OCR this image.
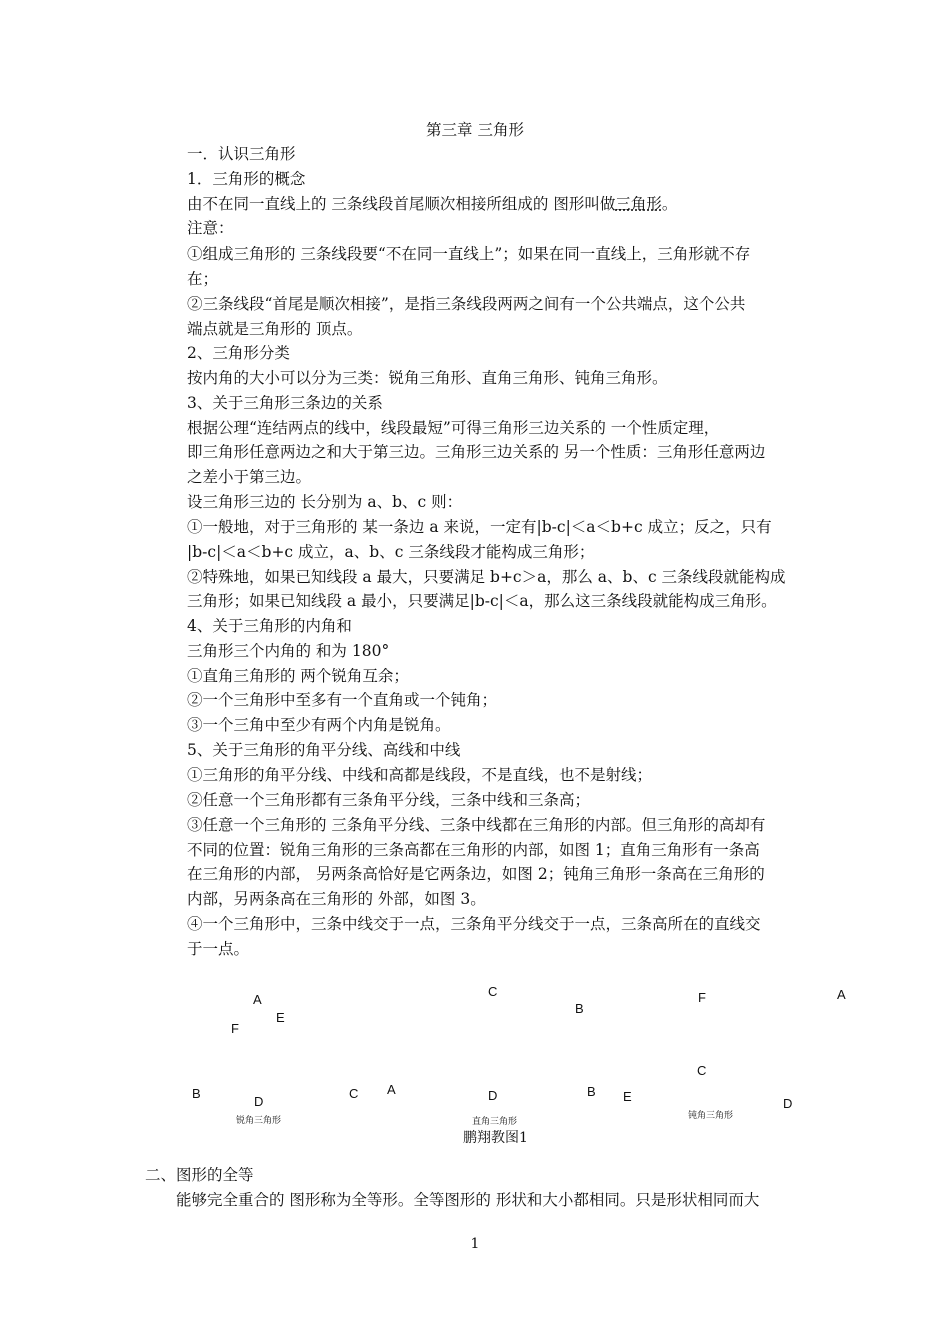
第三章 三角形
一．认识三角形
1．三角形的概念
由不在同一直线上的 三条线段首尾顺次相接所组成的 图形叫做三角形。
注意：
①组成三角形的 三条线段要“不在同一直线上”；如果在同一直线上，三角形就不存
在；
②三条线段“首尾是顺次相接”，是指三条线段两两之间有一个公共端点，这个公共
端点就是三角形的 顶点。
2、三角形分类
按内角的大小可以分为三类：锐角三角形、直角三角形、钝角三角形。
3、关于三角形三条边的关系
根据公理“连结两点的线中，线段最短”可得三角形三边关系的 一个性质定理，
即三角形任意两边之和大于第三边。三角形三边关系的 另一个性质：三角形任意两边
之差小于第三边。
设三角形三边的 长分别为 a、b、c 则：
①一般地，对于三角形的 某一条边 a 来说，一定有|b-c|＜a＜b+c 成立；反之，只有
|b-c|＜a＜b+c 成立，a、b、c 三条线段才能构成三角形；
②特殊地，如果已知线段 a 最大，只要满足 b+c＞a，那么 a、b、c 三条线段就能构成
三角形；如果已知线段 a 最小，只要满足|b-c|＜a，那么这三条线段就能构成三角形。
4、关于三角形的内角和
三角形三个内角的 和为 180°
①直角三角形的 两个锐角互余；
②一个三角形中至多有一个直角或一个钝角；
③一个三角中至少有两个内角是锐角。
5、关于三角形的角平分线、高线和中线
①三角形的角平分线、中线和高都是线段，不是直线，也不是射线；
②任意一个三角形都有三条角平分线，三条中线和三条高；
③任意一个三角形的 三条角平分线、三条中线都在三角形的内部。但三角形的高却有
不同的位置：锐角三角形的三条高都在三角形的内部，如图 1；直角三角形有一条高
在三角形的内部， 另两条高恰好是它两条边，如图 2；钝角三角形一条高在三角形的
内部，另两条高在三角形的 外部，如图 3。
④一个三角形中，三条中线交于一点，三条角平分线交于一点，三条高所在的直线交
于一点。
A
E
F
B
D
C
C
B
A	D	B E
F	A
C
D
锐角三角形	直角三角形
钝角三角形
鹏翔教图1
二、图形的全等
能够完全重合的 图形称为全等形。全等图形的 形状和大小都相同。只是形状相同而大
1
